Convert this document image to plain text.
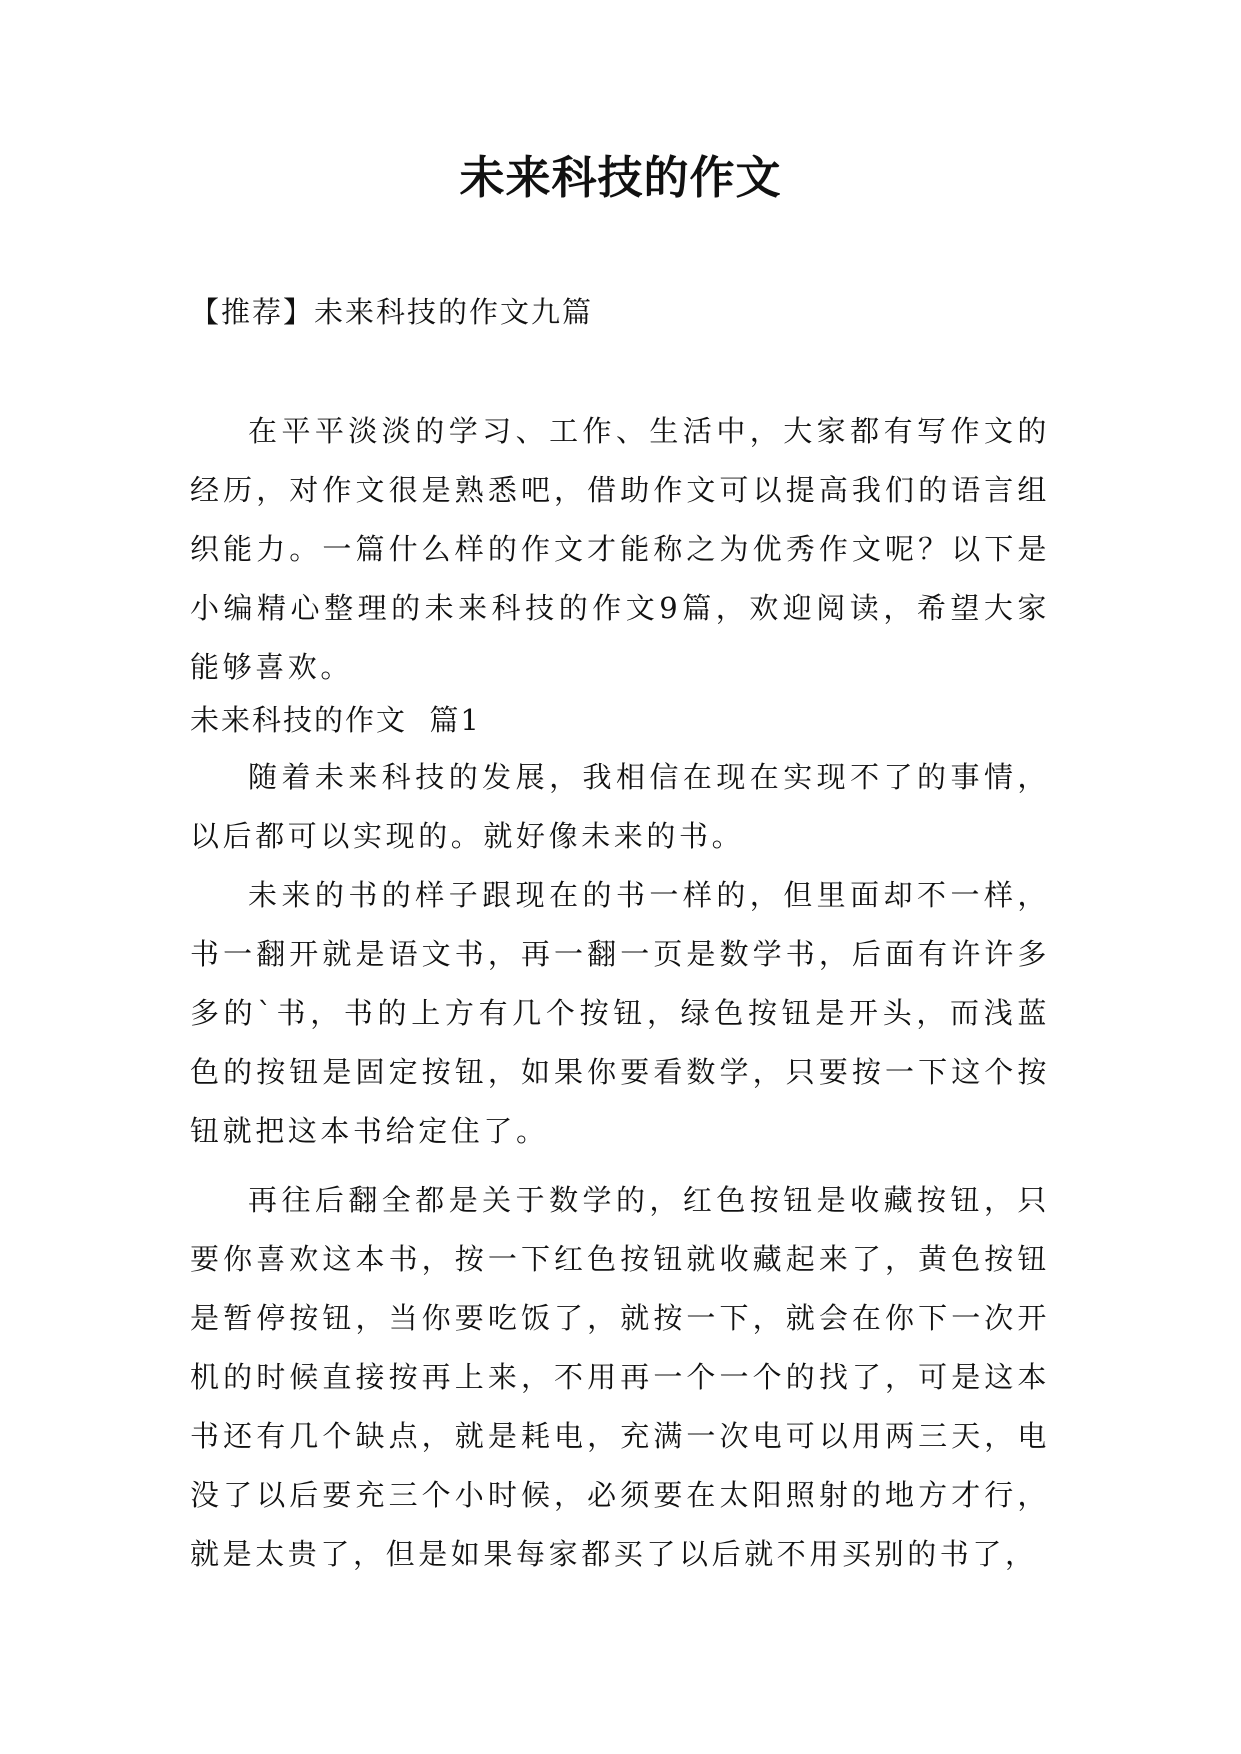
未来科技的作文
【推荐】未来科技的作文九篇

在平平淡淡的学习、工作、生活中，大家都有写作文的经历，对作文很是熟悉吧，借助作文可以提高我们的语言组织能力。一篇什么样的作文才能称之为优秀作文呢？以下是小编精心整理的未来科技的作文9篇，欢迎阅读，希望大家能够喜欢。

未来科技的作文  篇1

随着未来科技的发展，我相信在现在实现不了的事情，以后都可以实现的。就好像未来的书。

未来的书的样子跟现在的书一样的，但里面却不一样，书一翻开就是语文书，再一翻一页是数学书，后面有许许多多的`书，书的上方有几个按钮，绿色按钮是开头，而浅蓝色的按钮是固定按钮，如果你要看数学，只要按一下这个按钮就把这本书给定住了。

再往后翻全都是关于数学的，红色按钮是收藏按钮，只要你喜欢这本书，按一下红色按钮就收藏起来了，黄色按钮是暂停按钮，当你要吃饭了，就按一下，就会在你下一次开机的时候直接按再上来，不用再一个一个的找了，可是这本书还有几个缺点，就是耗电，充满一次电可以用两三天，电没了以后要充三个小时候，必须要在太阳照射的地方才行，就是太贵了，但是如果每家都买了以后就不用买别的书了，
